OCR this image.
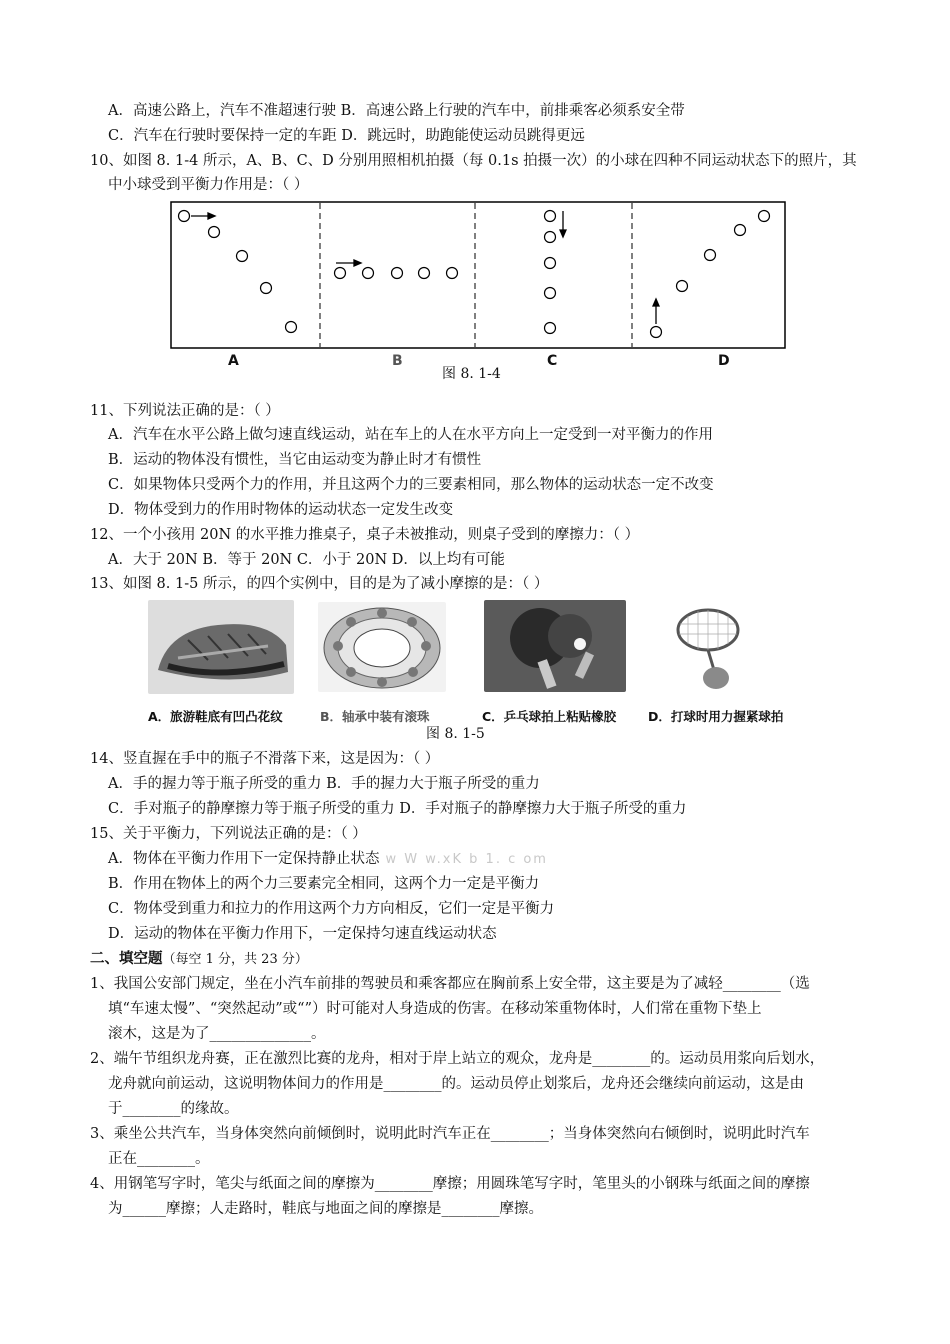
A．高速公路上，汽车不准超速行驶 B．高速公路上行驶的汽车中，前排乘客必须系安全带
C．汽车在行驶时要保持一定的车距 D．跳远时，助跑能使运动员跳得更远
10、如图 8. 1-4 所示，A、B、C、D 分别用照相机拍摄（每 0.1s 拍摄一次）的小球在四种不同运动状态下的照片，其
中小球受到平衡力作用是：（ ）
11、下列说法正确的是：（ ）
A．汽车在水平公路上做匀速直线运动，站在车上的人在水平方向上一定受到一对平衡力的作用
B．运动的物体没有惯性，当它由运动变为静止时才有惯性
C．如果物体只受两个力的作用，并且这两个力的三要素相同，那么物体的运动状态一定不改变
D．物体受到力的作用时物体的运动状态一定发生改变
12、一个小孩用 20N 的水平推力推桌子，桌子未被推动，则桌子受到的摩擦力：（ ）
A．大于 20N B．等于 20N C．小于 20N D．以上均有可能
13、如图 8. 1-5 所示，的四个实例中，目的是为了减小摩擦的是：（ ）
14、竖直握在手中的瓶子不滑落下来，这是因为：（ ）
A．手的握力等于瓶子所受的重力 B．手的握力大于瓶子所受的重力
C．手对瓶子的静摩擦力等于瓶子所受的重力 D．手对瓶子的静摩擦力大于瓶子所受的重力
15、关于平衡力，下列说法正确的是：（ ）
B．作用在物体上的两个力三要素完全相同，这两个力一定是平衡力
C．物体受到重力和拉力的作用这两个力方向相反，它们一定是平衡力
D．运动的物体在平衡力作用下，一定保持匀速直线运动状态
1、我国公安部门规定，坐在小汽车前排的驾驶员和乘客都应在胸前系上安全带，这主要是为了减轻________（选
填“车速太慢”、“突然起动”或“”）时可能对人身造成的伤害。在移动笨重物体时，人们常在重物下垫上
滚木，这是为了______________。
2、端午节组织龙舟赛，正在激烈比赛的龙舟，相对于岸上站立的观众，龙舟是________的。运动员用浆向后划水，
龙舟就向前运动，这说明物体间力的作用是________的。运动员停止划浆后，龙舟还会继续向前运动，这是由
于________的缘故。
3、乘坐公共汽车，当身体突然向前倾倒时，说明此时汽车正在________；当身体突然向右倾倒时，说明此时汽车
正在________。
4、用钢笔写字时，笔尖与纸面之间的摩擦为________摩擦；用圆珠笔写字时，笔里头的小钢珠与纸面之间的摩擦
为______摩擦；人走路时，鞋底与地面之间的摩擦是________摩擦。
A．物体在平衡力作用下一定保持静止状态 w W w.xK b 1. c om
二、填空题（每空 1 分，共 23 分）
A	B	C	D
图 8. 1-4
A．旅游鞋底有凹凸花纹	B．轴承中装有滚珠	C．乒乓球拍上粘贴橡胶	D．打球时用力握紧球拍
图 8. 1-5
